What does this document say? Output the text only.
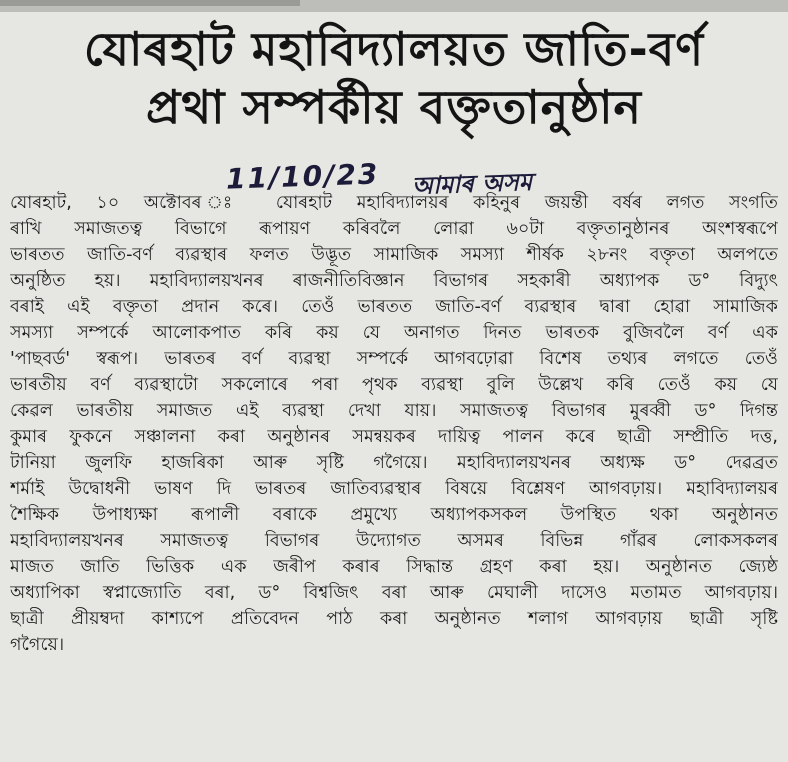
যোৰহাট মহাবিদ্যালয়ত জাতি-বৰ্ণ
প্ৰথা সম্পৰ্কীয় বক্তৃতানুষ্ঠান
11/10/23 আমাৰ অসম
যোৰহাট, ১০ অক্টোবৰ ঃ যোৰহাট মহাবিদ্যালয়ৰ কহিনুৰ জয়ন্তী বৰ্ষৰ লগত সংগতি
ৰাখি সমাজতত্ব বিভাগে ৰূপায়ণ কৰিবলৈ লোৱা ৬০টা বক্তৃতানুষ্ঠানৰ অংশস্বৰূপে
ভাৰতত জাতি-বৰ্ণ ব্যৱস্থাৰ ফলত উদ্ভূত সামাজিক সমস্যা শীৰ্ষক ২৮নং বক্তৃতা অলপতে
অনুষ্ঠিত হয়। মহাবিদ্যালয়খনৰ ৰাজনীতিবিজ্ঞান বিভাগৰ সহকাৰী অধ্যাপক ড° বিদ্যুৎ
বৰাই এই বক্তৃতা প্ৰদান কৰে। তেওঁ ভাৰতত জাতি-বৰ্ণ ব্যৱস্থাৰ দ্বাৰা হোৱা সামাজিক
সমস্যা সম্পৰ্কে আলোকপাত কৰি কয় যে অনাগত দিনত ভাৰতক বুজিবলৈ বৰ্ণ এক
'পাছবৰ্ড' স্বৰূপ। ভাৰতৰ বৰ্ণ ব্যৱস্থা সম্পৰ্কে আগবঢ়োৱা বিশেষ তথ্যৰ লগতে তেওঁ
ভাৰতীয় বৰ্ণ ব্যৱস্থাটো সকলোৰে পৰা পৃথক ব্যৱস্থা বুলি উল্লেখ কৰি তেওঁ কয় যে
কেৱল ভাৰতীয় সমাজত এই ব্যৱস্থা দেখা যায়। সমাজতত্ব বিভাগৰ মুৰব্বী ড° দিগন্ত
কুমাৰ ফুকনে সঞ্চালনা কৰা অনুষ্ঠানৰ সমন্বয়কৰ দায়িত্ব পালন কৰে ছাত্ৰী সম্প্ৰীতি দত্ত,
টানিয়া জুলফি হাজৰিকা আৰু সৃষ্টি গগৈয়ে। মহাবিদ্যালয়খনৰ অধ্যক্ষ ড° দেৱব্ৰত
শৰ্মাই উদ্বোধনী ভাষণ দি ভাৰতৰ জাতিব্যৱস্থাৰ বিষয়ে বিশ্লেষণ আগবঢ়ায়। মহাবিদ্যালয়ৰ
শৈক্ষিক উপাধ্যক্ষা ৰূপালী বৰাকে প্ৰমুখ্যে অধ্যাপকসকল উপস্থিত থকা অনুষ্ঠানত
মহাবিদ্যালয়খনৰ সমাজতত্ব বিভাগৰ উদ্যোগত অসমৰ বিভিন্ন গাঁৱৰ লোকসকলৰ
মাজত জাতি ভিত্তিক এক জৰীপ কৰাৰ সিদ্ধান্ত গ্ৰহণ কৰা হয়। অনুষ্ঠানত জ্যেষ্ঠ
অধ্যাপিকা স্বপ্নাজ্যোতি বৰা, ড° বিশ্বজিৎ বৰা আৰু মেঘালী দাসেও মতামত আগবঢ়ায়।
ছাত্ৰী প্ৰীয়ম্বদা কাশ্যপে প্ৰতিবেদন পাঠ কৰা অনুষ্ঠানত শলাগ আগবঢ়ায় ছাত্ৰী সৃষ্টি
গগৈয়ে।
